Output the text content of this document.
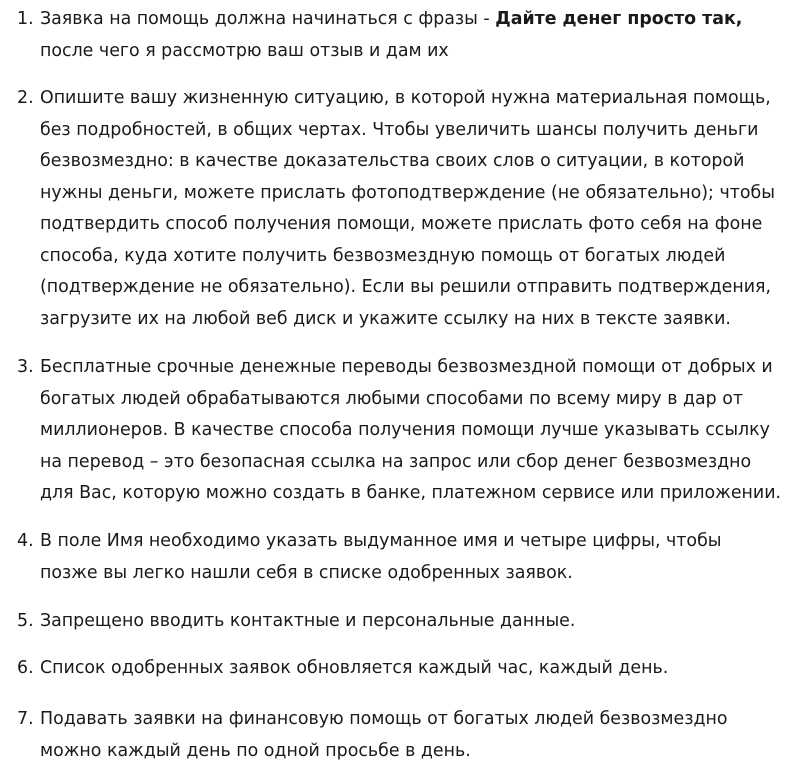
1. Заявка на помощь должна начинаться с фразы - Дайте денег просто так,
после чего я рассмотрю ваш отзыв и дам их
2. Опишите вашу жизненную ситуацию, в которой нужна материальная помощь,
без подробностей, в общих чертах. Чтобы увеличить шансы получить деньги
безвозмездно: в качестве доказательства своих слов о ситуации, в которой
нужны деньги, можете прислать фотоподтверждение (не обязательно); чтобы
подтвердить способ получения помощи, можете прислать фото себя на фоне
способа, куда хотите получить безвозмездную помощь от богатых людей
(подтверждение не обязательно). Если вы решили отправить подтверждения,
загрузите их на любой веб диск и укажите ссылку на них в тексте заявки.
3. Бесплатные срочные денежные переводы безвозмездной помощи от добрых и
богатых людей обрабатываются любыми способами по всему миру в дар от
миллионеров. В качестве способа получения помощи лучше указывать ссылку
на перевод – это безопасная ссылка на запрос или сбор денег безвозмездно
для Вас, которую можно создать в банке, платежном сервисе или приложении.
4. В поле Имя необходимо указать выдуманное имя и четыре цифры, чтобы
позже вы легко нашли себя в списке одобренных заявок.
5. Запрещено вводить контактные и персональные данные.
6. Список одобренных заявок обновляется каждый час, каждый день.
7. Подавать заявки на финансовую помощь от богатых людей безвозмездно
можно каждый день по одной просьбе в день.
